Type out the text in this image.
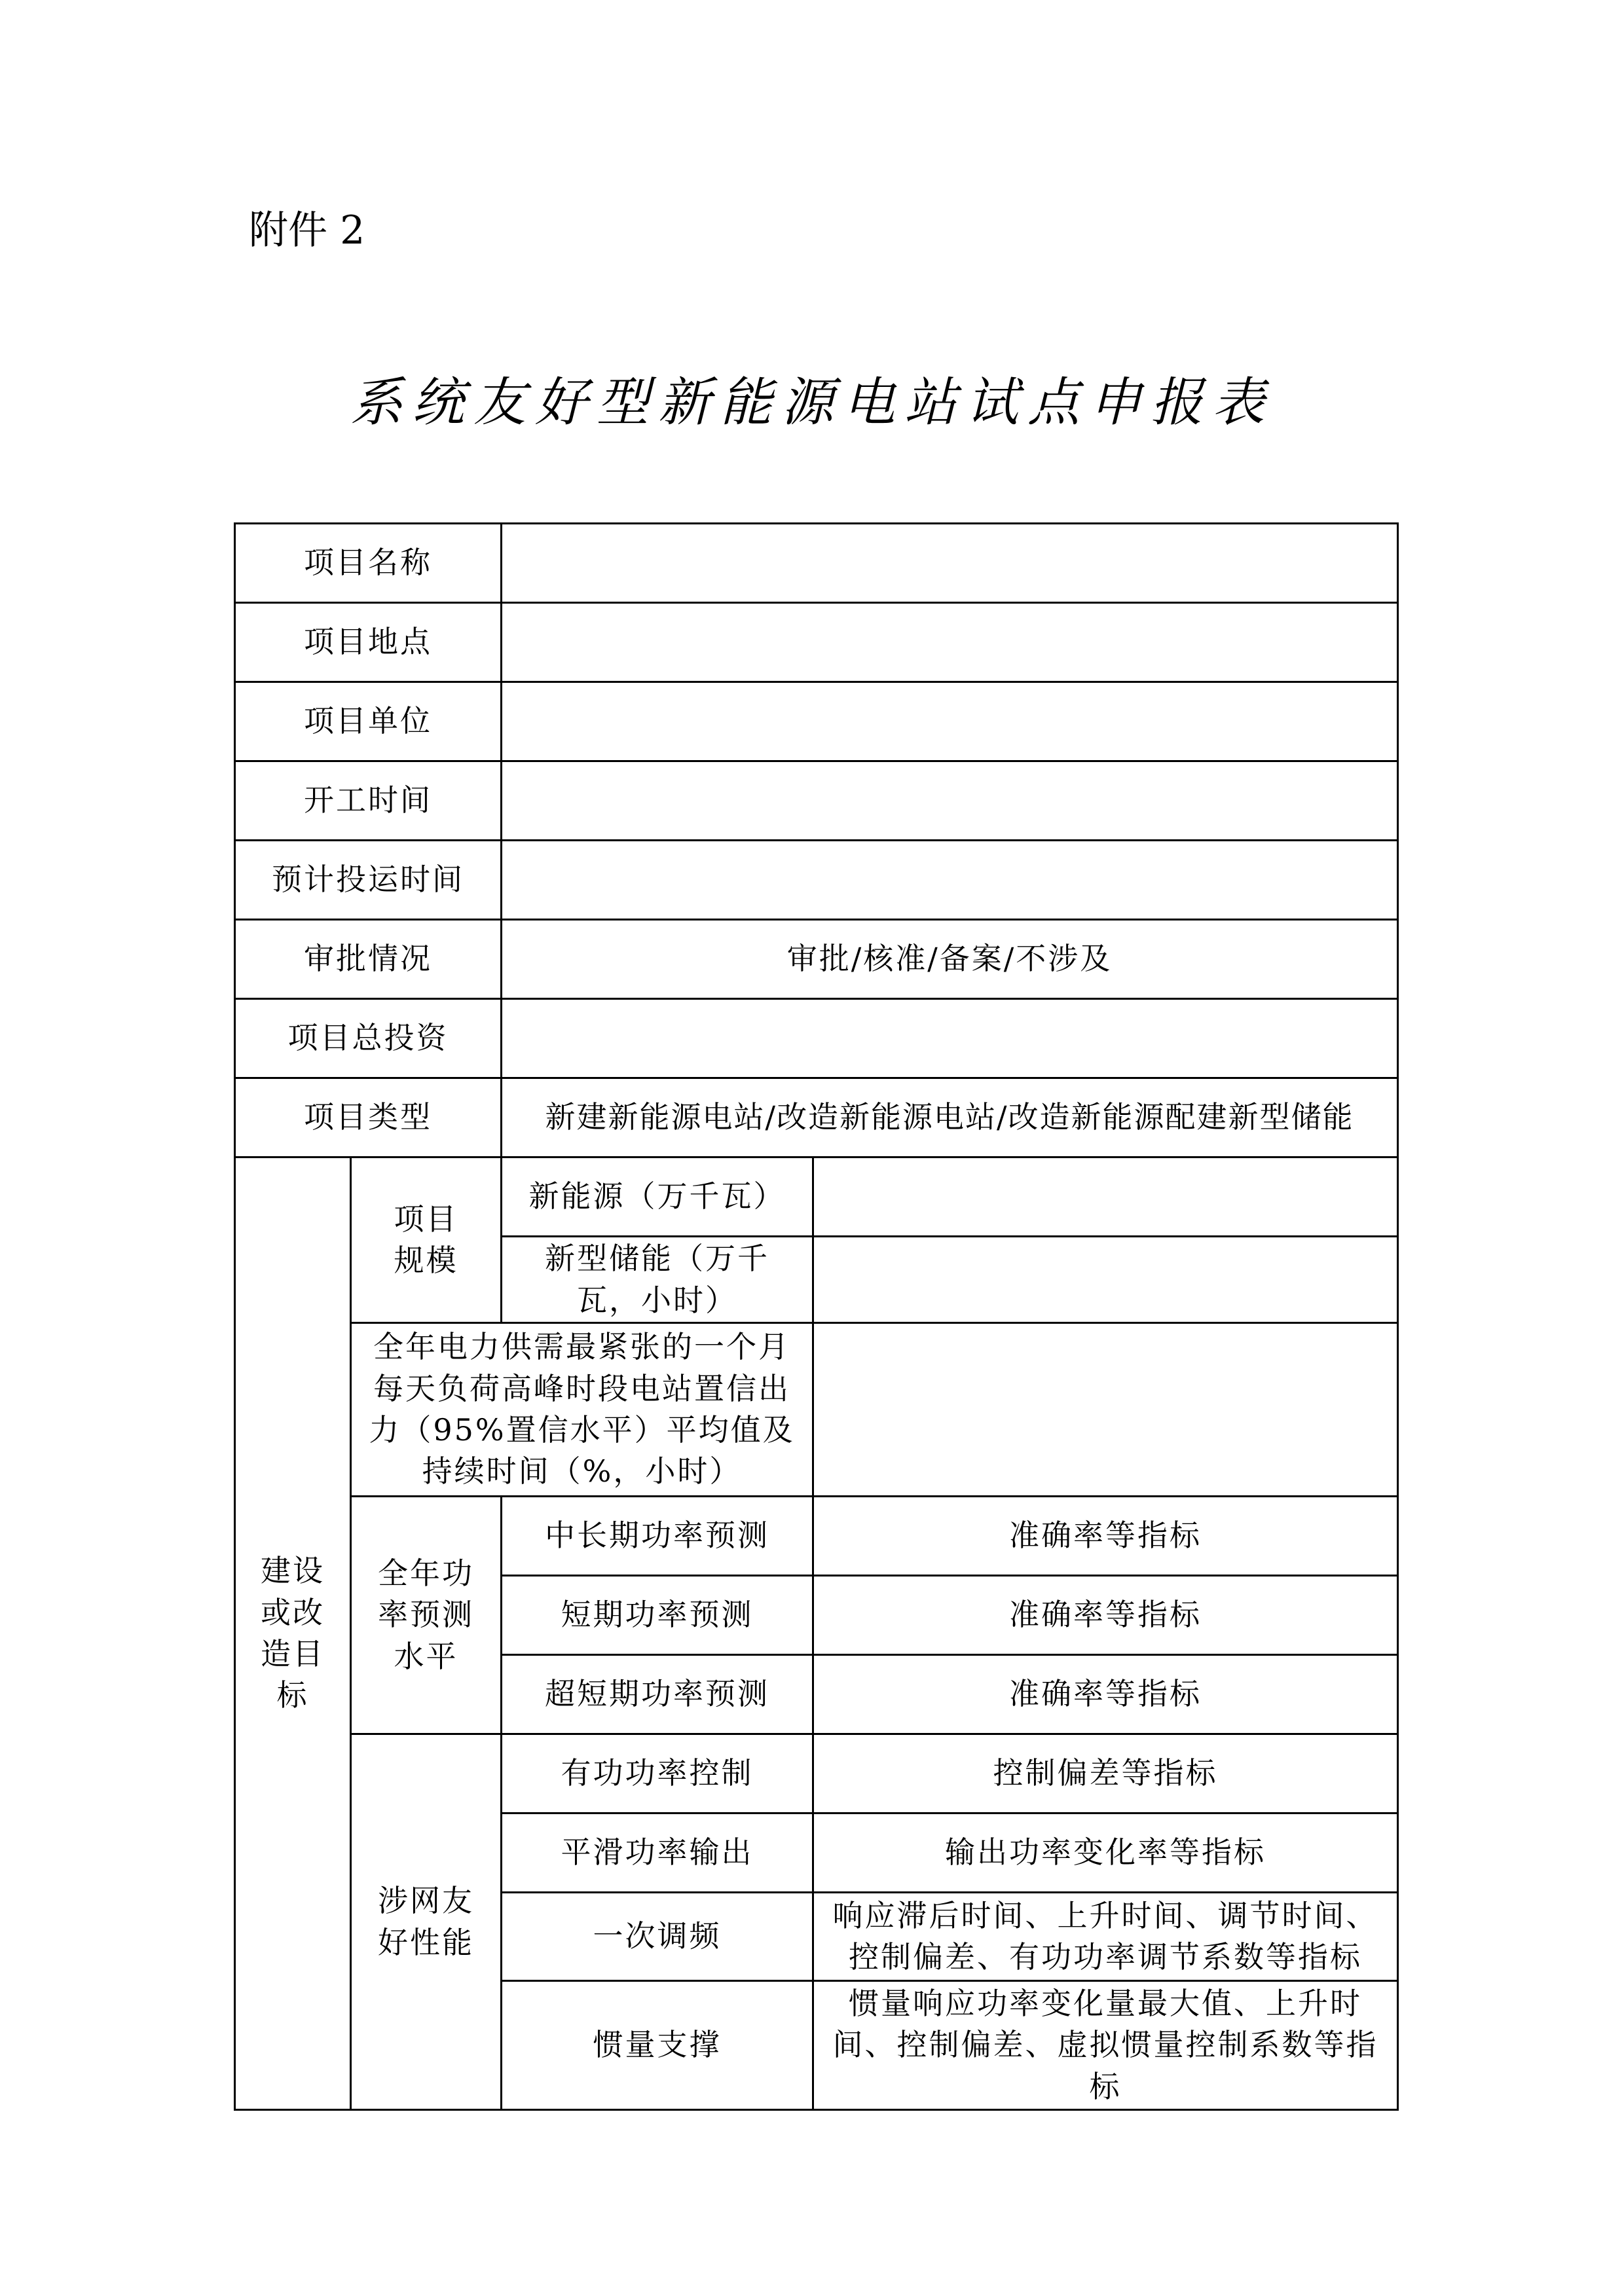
附件 2
系统友好型新能源电站试点申报表
项目名称			
项目地点			
项目单位			
开工时间			
预计投运时间			
审批情况		审批/核准/备案/不涉及	
项目总投资			
项目类型		新建新能源电站/改造新能源电站/改造新能源配建新型储能	
建设或改造目标	项目规模	新能源（万千瓦）	
		新型储能（万千瓦，小时）	
	全年电力供需最紧张的一个月每天负荷高峰时段电站置信出力（95%置信水平）平均值及持续时间（%，小时）		
	全年功率预测水平	中长期功率预测	准确率等指标
		短期功率预测	准确率等指标
		超短期功率预测	准确率等指标
	涉网友好性能	有功功率控制	控制偏差等指标
		平滑功率输出	输出功率变化率等指标
		一次调频	响应滞后时间、上升时间、调节时间、控制偏差、有功功率调节系数等指标
		惯量支撑	惯量响应功率变化量最大值、上升时间、控制偏差、虚拟惯量控制系数等指标
